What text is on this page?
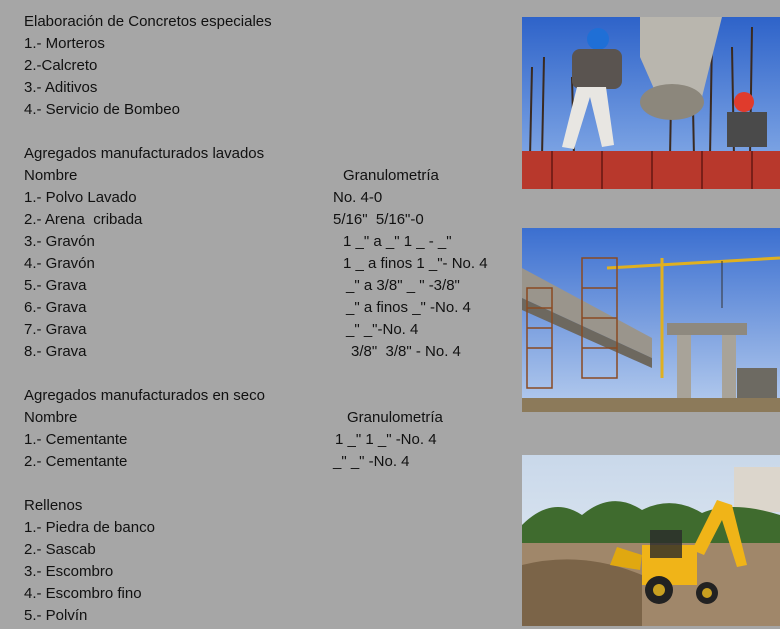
Elaboración de Concretos especiales
1.- Morteros
2.-Calcreto
3.- Aditivos
4.- Servicio de Bombeo
Agregados manufacturados lavados
Nombre	Granulometría
1.- Polvo Lavado	No. 4-0
2.- Arena  cribada	5/16"  5/16"-0
3.- Gravón	1 _" a _" 1 _ - _"
4.- Gravón	1 _ a finos 1 _"- No. 4
5.- Grava	_" a 3/8" _ " -3/8"
6.- Grava	_" a finos _" -No. 4
7.- Grava	_" _"-No. 4
8.- Grava	3/8"  3/8" - No. 4
Agregados manufacturados en seco
Nombre	Granulometría
1.- Cementante	1 _" 1 _" -No. 4
2.- Cementante	_" _" -No. 4
Rellenos
1.- Piedra de banco
2.- Sascab
3.- Escombro
4.- Escombro fino
5.- Polvín
